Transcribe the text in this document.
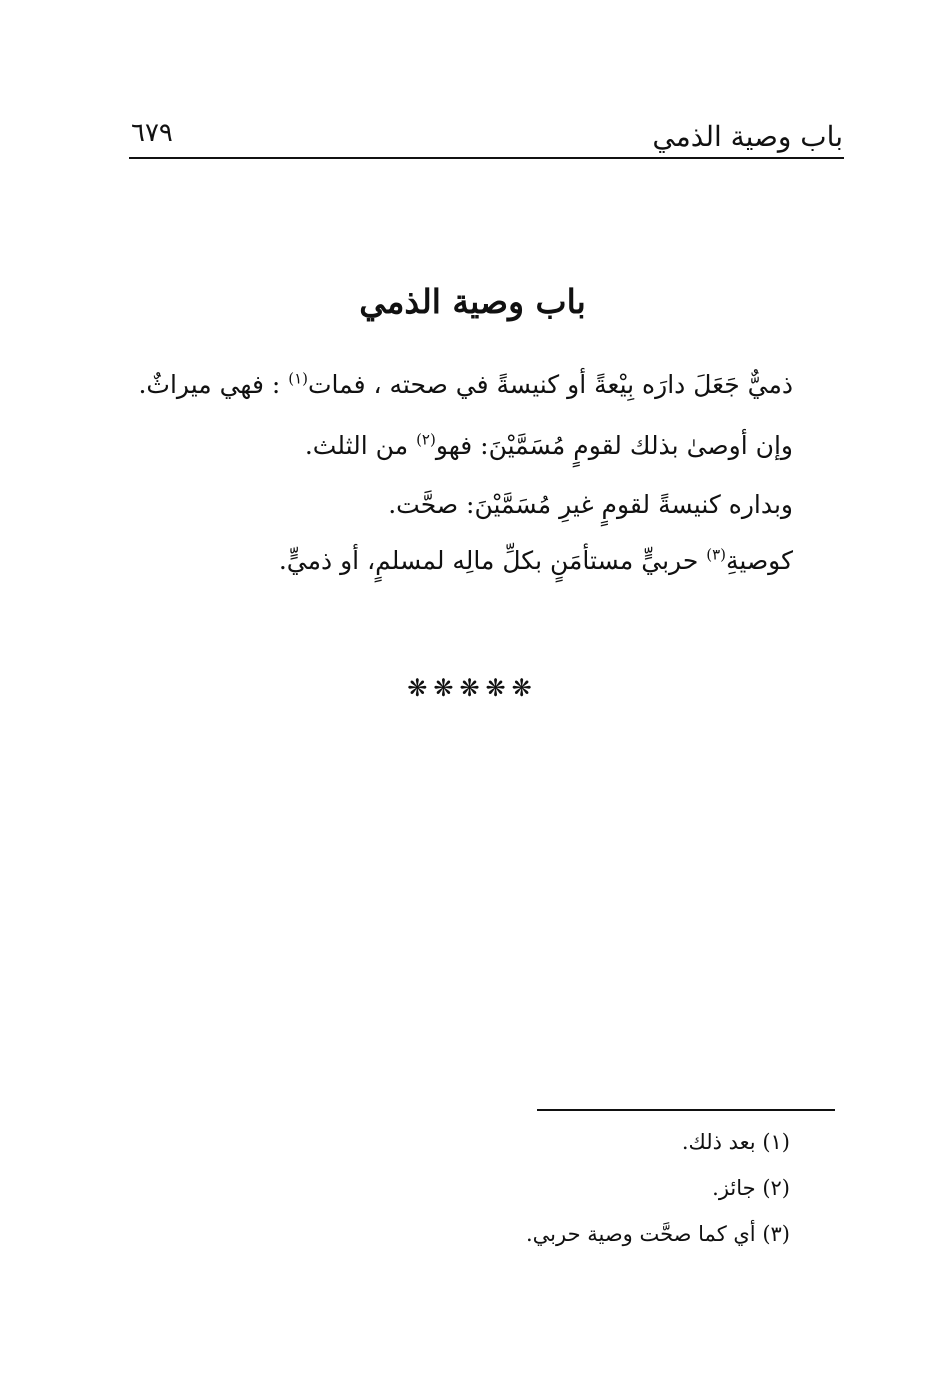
باب وصية الذمي
٦٧٩
باب وصية الذمي
ذميٌّ جَعَلَ دارَه بِيْعةً أو كنيسةً في صحته ، فمات$^{(١)}$ : فهي ميراثٌ.
وإن أوصىٰ بذلك لقومٍ مُسَمَّيْنَ: فهو$^{(٢)}$ من الثلث.
وبداره كنيسةً لقومٍ غيرِ مُسَمَّيْنَ: صحَّت.
كوصيةِ$^{(٣)}$ حربيٍّ مستأمَنٍ بكلِّ مالِه لمسلمٍ، أو ذميٍّ.
❋❋❋❋❋
(١) بعد ذلك.
(٢) جائز.
(٣) أي كما صحَّت وصية حربي.
